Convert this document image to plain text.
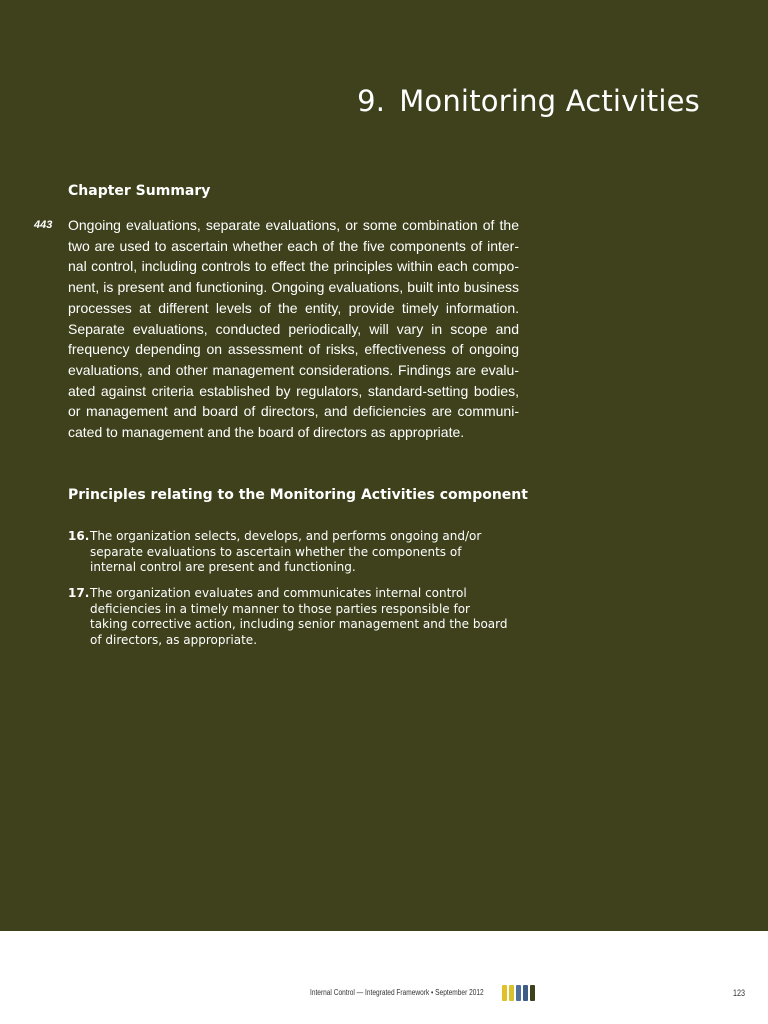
9. Monitoring Activities
Chapter Summary
443 Ongoing evaluations, separate evaluations, or some combination of the two are used to ascertain whether each of the five components of internal control, including controls to effect the principles within each component, is present and functioning. Ongoing evaluations, built into business processes at different levels of the entity, provide timely information. Separate evaluations, conducted periodically, will vary in scope and frequency depending on assessment of risks, effectiveness of ongoing evaluations, and other management considerations. Findings are evaluated against criteria established by regulators, standard-setting bodies, or management and board of directors, and deficiencies are communicated to management and the board of directors as appropriate.
Principles relating to the Monitoring Activities component
16. The organization selects, develops, and performs ongoing and/or separate evaluations to ascertain whether the components of internal control are present and functioning.
17. The organization evaluates and communicates internal control deficiencies in a timely manner to those parties responsible for taking corrective action, including senior management and the board of directors, as appropriate.
Internal Control — Integrated Framework • September 2012	123
